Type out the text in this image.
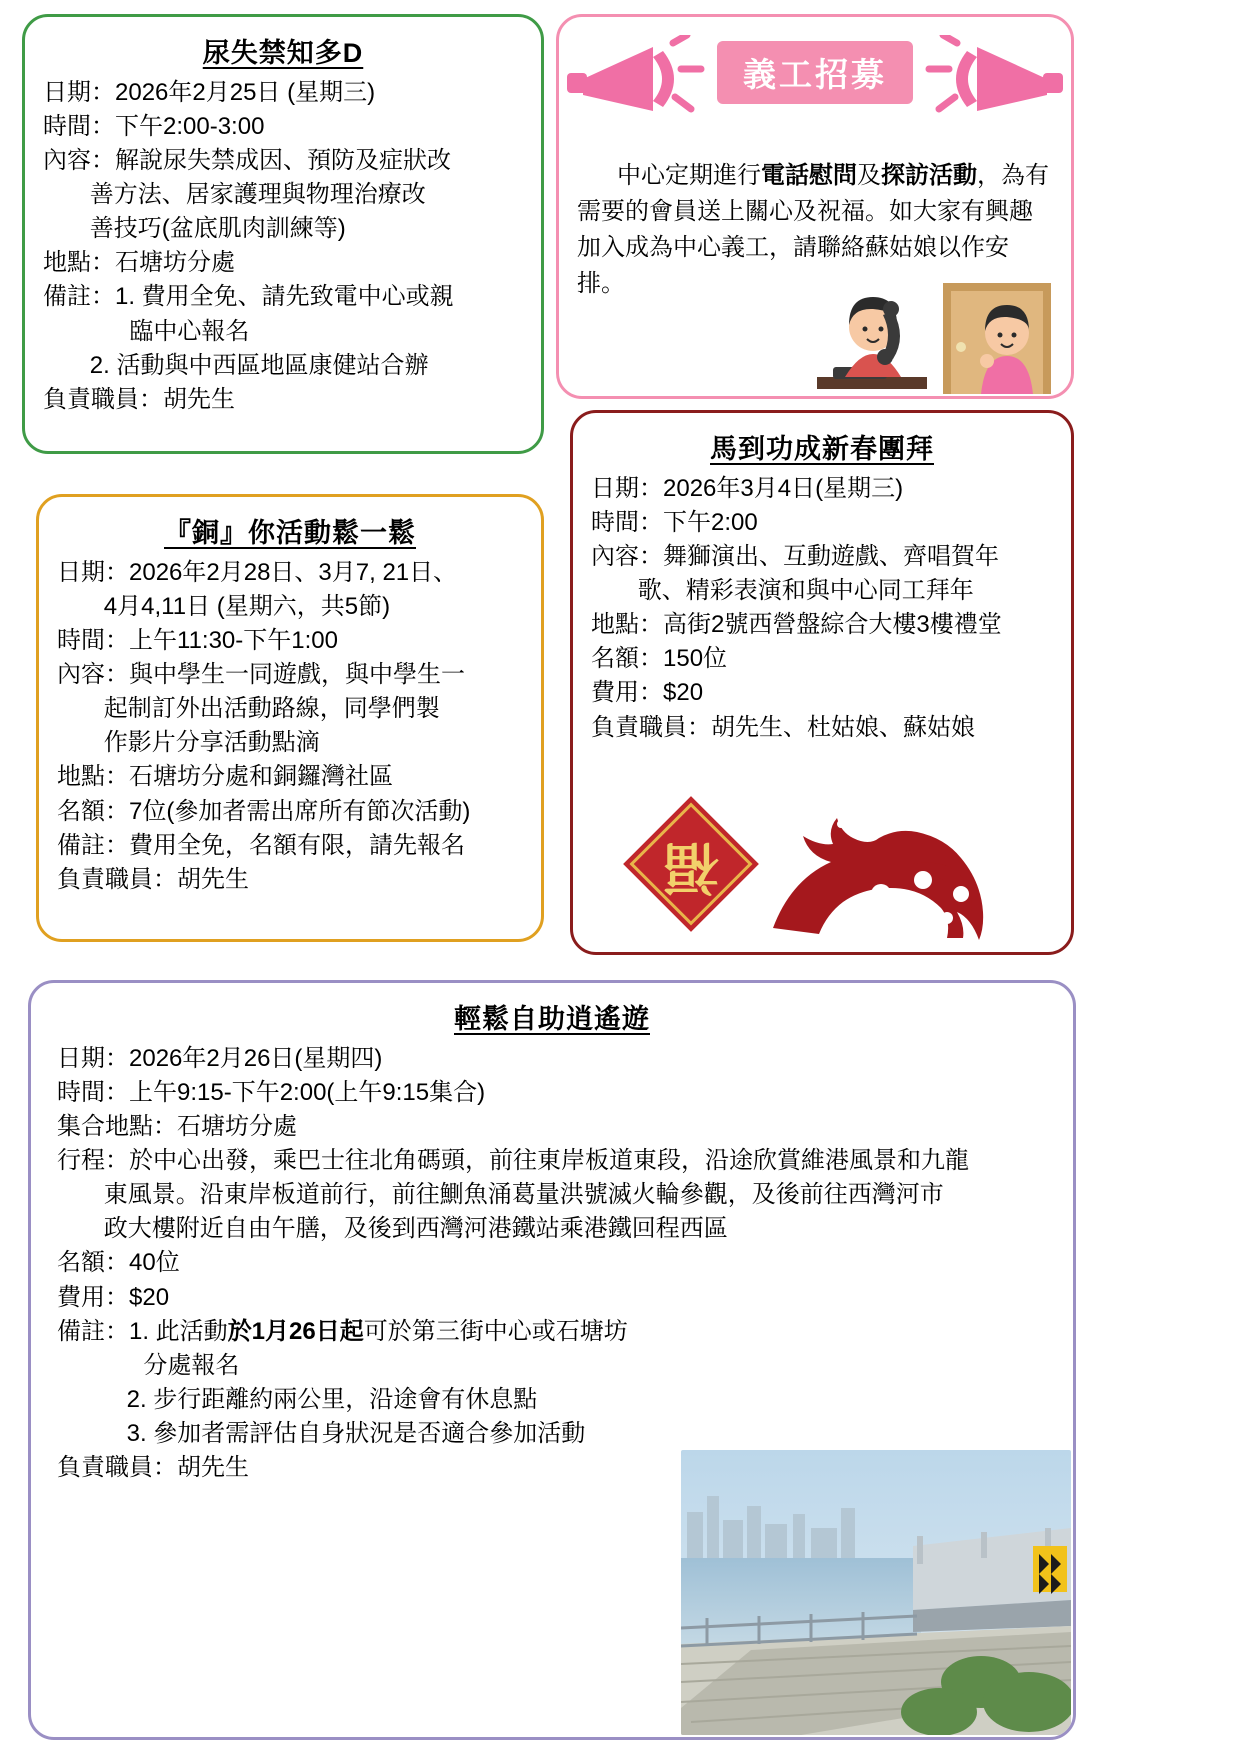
尿失禁知多D
日期： 2026年2月25日 (星期三)
時間： 下午2:00-3:00
內容： 解說尿失禁成因、預防及症狀改
善方法、居家護理與物理治療改
善技巧(盆底肌肉訓練等)
地點： 石塘坊分處
備註： 1. 費用全免、請先致電中心或親
臨中心報名
2. 活動與中西區地區康健站合辦
負責職員： 胡先生
義工招募

中心定期進行電話慰問及探訪活動，為有需要的會員送上關心及祝福。如大家有興趣加入成為中心義工，請聯絡蘇姑娘以作安排。

『銅』你活動鬆一鬆
日期： 2026年2月28日、3月7, 21日、
4月4,11日 (星期六，共5節)
時間： 上午11:30-下午1:00
內容： 與中學生一同遊戲，與中學生一
起制訂外出活動路線，同學們製
作影片分享活動點滴
地點： 石塘坊分處和銅鑼灣社區
名額： 7位(參加者需出席所有節次活動)
備註： 費用全免，名額有限，請先報名
負責職員： 胡先生
馬到功成新春團拜
日期： 2026年3月4日(星期三)
時間： 下午2:00
內容： 舞獅演出、互動遊戲、齊唱賀年
歌、精彩表演和與中心同工拜年
地點： 高街2號西營盤綜合大樓3樓禮堂
名額： 150位
費用： $20
負責職員： 胡先生、杜姑娘、蘇姑娘
福
輕鬆自助逍遙遊
日期： 2026年2月26日(星期四)
時間： 上午9:15-下午2:00(上午9:15集合)
集合地點： 石塘坊分處
行程： 於中心出發，乘巴士往北角碼頭，前往東岸板道東段，沿途欣賞維港風景和九龍
東風景。沿東岸板道前行，前往鰂魚涌葛量洪號滅火輪參觀，及後前往西灣河市
政大樓附近自由午膳，及後到西灣河港鐵站乘港鐵回程西區
名額： 40位
費用： $20
備註： 1. 此活動於1月26日起可於第三街中心或石塘坊
分處報名
2. 步行距離約兩公里，沿途會有休息點
3. 參加者需評估自身狀況是否適合參加活動
負責職員： 胡先生
